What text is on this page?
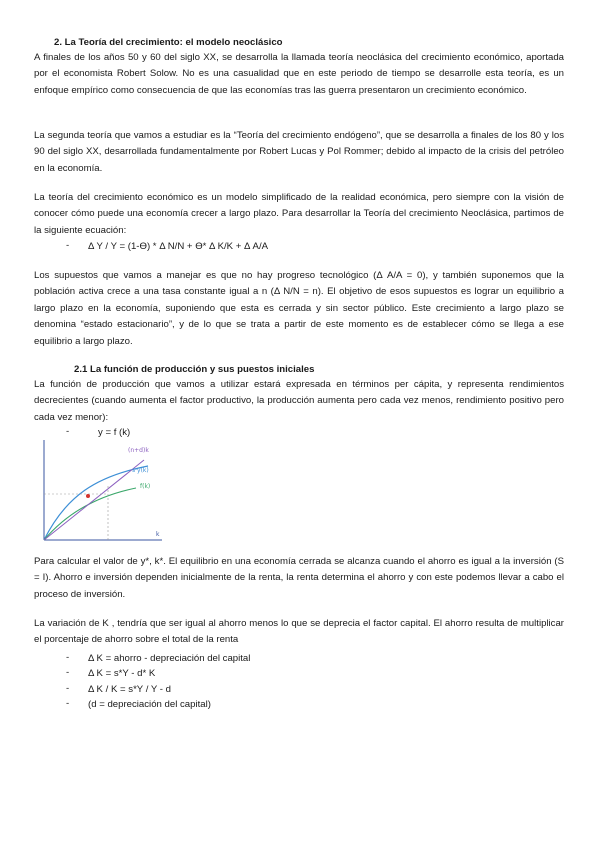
2. La Teoría del crecimiento: el modelo neoclásico

A finales de los años 50 y 60 del siglo XX, se desarrolla la llamada teoría neoclásica del crecimiento económico, aportada por el economista Robert Solow. No es una casualidad que en este periodo de tiempo se desarrolle esta teoría, es un enfoque empírico como consecuencia de que las economías tras las guerra presentaron un crecimiento económico.

La segunda teoría que vamos a estudiar es la “Teoría del crecimiento endógeno”, que se desarrolla a finales de los 80 y los 90 del siglo XX, desarrollada fundamentalmente por Robert Lucas y Pol Rommer; debido al impacto de la crisis del petróleo en la economía.

La teoría del crecimiento económico es un modelo simplificado de la realidad económica, pero siempre con la visión de conocer cómo puede una economía crecer a largo plazo. Para desarrollar la Teoría del crecimiento Neoclásica, partimos de la siguiente ecuación:

- Δ Y / Y = (1-Ө) * Δ N/N + Ө* Δ K/K + Δ A/A

Los supuestos que vamos a manejar es que no hay progreso tecnológico (Δ A/A = 0), y también suponemos que la población activa crece a una tasa constante igual a n (Δ N/N = n). El objetivo de esos supuestos es lograr un equilibrio a largo plazo en la economía, suponiendo que esta es cerrada y sin sector público. Este crecimiento a largo plazo se denomina “estado estacionario”, y de lo que se trata a partir de este momento es de establecer cómo se llega a ese equilibrio a largo plazo.

2.1 La función de producción y sus puestos iniciales

La función de producción que vamos a utilizar estará expresada en términos per cápita, y representa rendimientos decrecientes (cuando aumenta el factor productivo, la producción aumenta pero cada vez menos, rendimiento positivo pero cada vez menor):

-	y = f (k)
(n+d)k
s·y(k)
f(k)
k

Para calcular el valor de y*, k*. El equilibrio en una economía cerrada se alcanza cuando el ahorro es igual a la inversión (S = I). Ahorro e inversión dependen inicialmente de la renta, la renta determina el ahorro y con este podemos llevar a cabo el proceso de inversión.

La variación de K , tendría que ser igual al ahorro menos lo que se deprecia el factor capital. El ahorro resulta de multiplicar el porcentaje de ahorro sobre el total de la renta

- Δ K = ahorro - depreciación del capital
- Δ K = s*Y - d* K
- Δ K / K = s*Y / Y - d
- (d = depreciación del capital)
